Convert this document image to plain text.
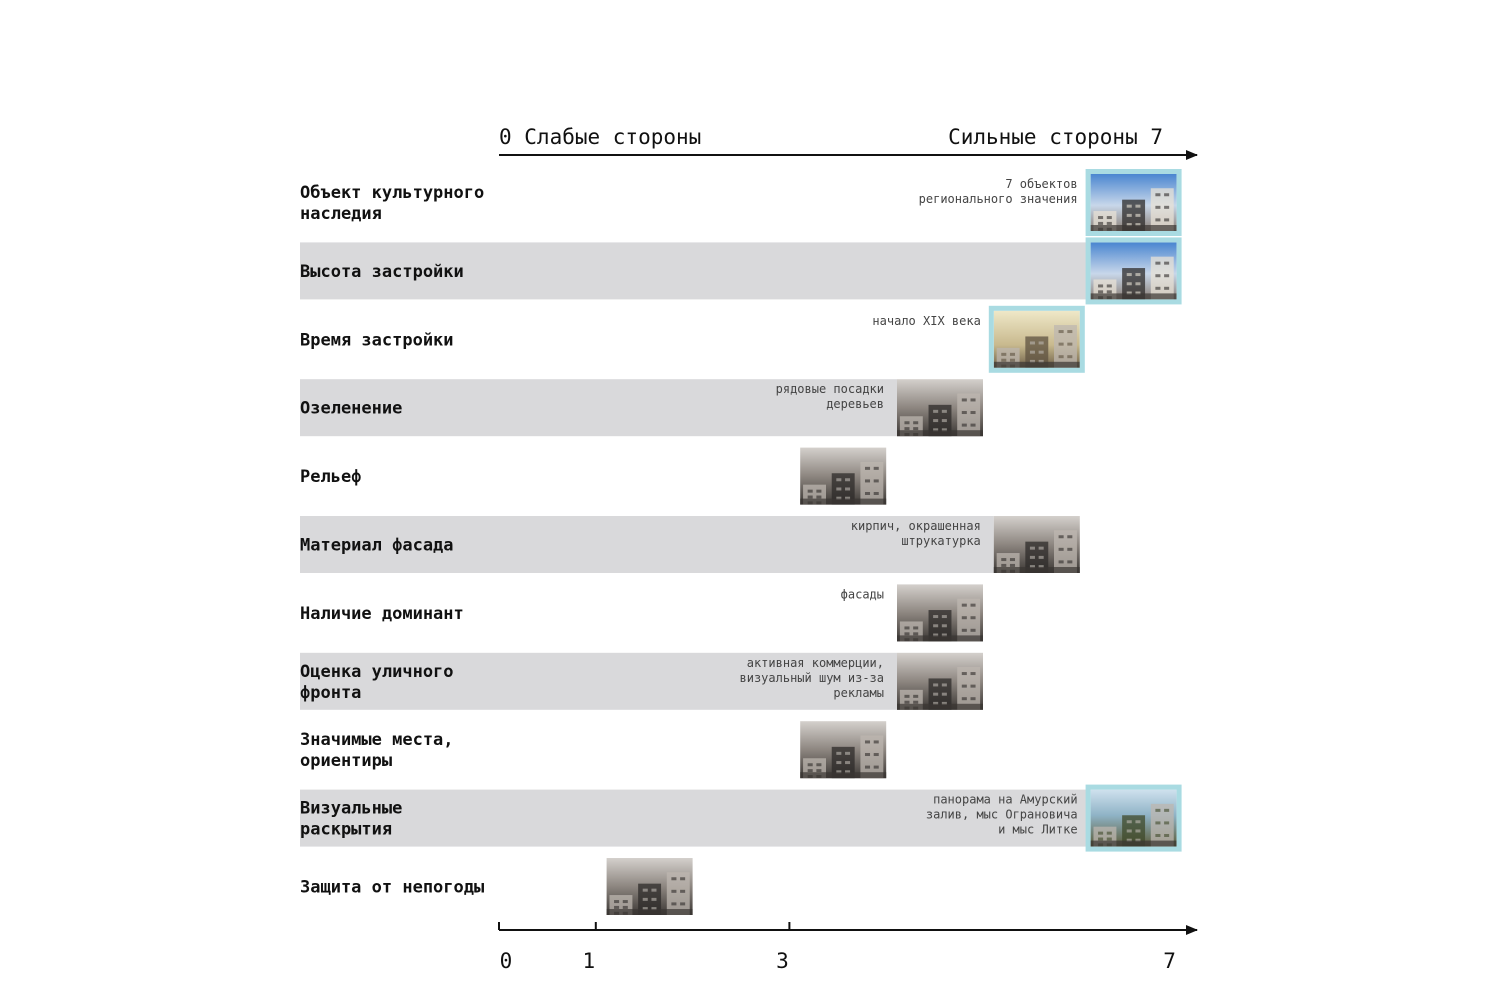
0 Слабые стороны	Сильные стороны 7
Объект культурного
наследия
7 объектов
регионального значения
Высота застройки
Время застройки
начало XIX века
Озеленение
рядовые посадки
деревьев
Рельеф
Материал фасада
кирпич, окрашенная
штрукатурка
Наличие доминант
фасады
Оценка уличного
фронта
активная коммерции,
визуальный шум из-за
рекламы
Значимые места,
ориентиры
Визуальные
раскрытия
панорама на Амурский
залив, мыс Ограновича
и мыс Литке
Защита от непогоды
0	1	3	7
